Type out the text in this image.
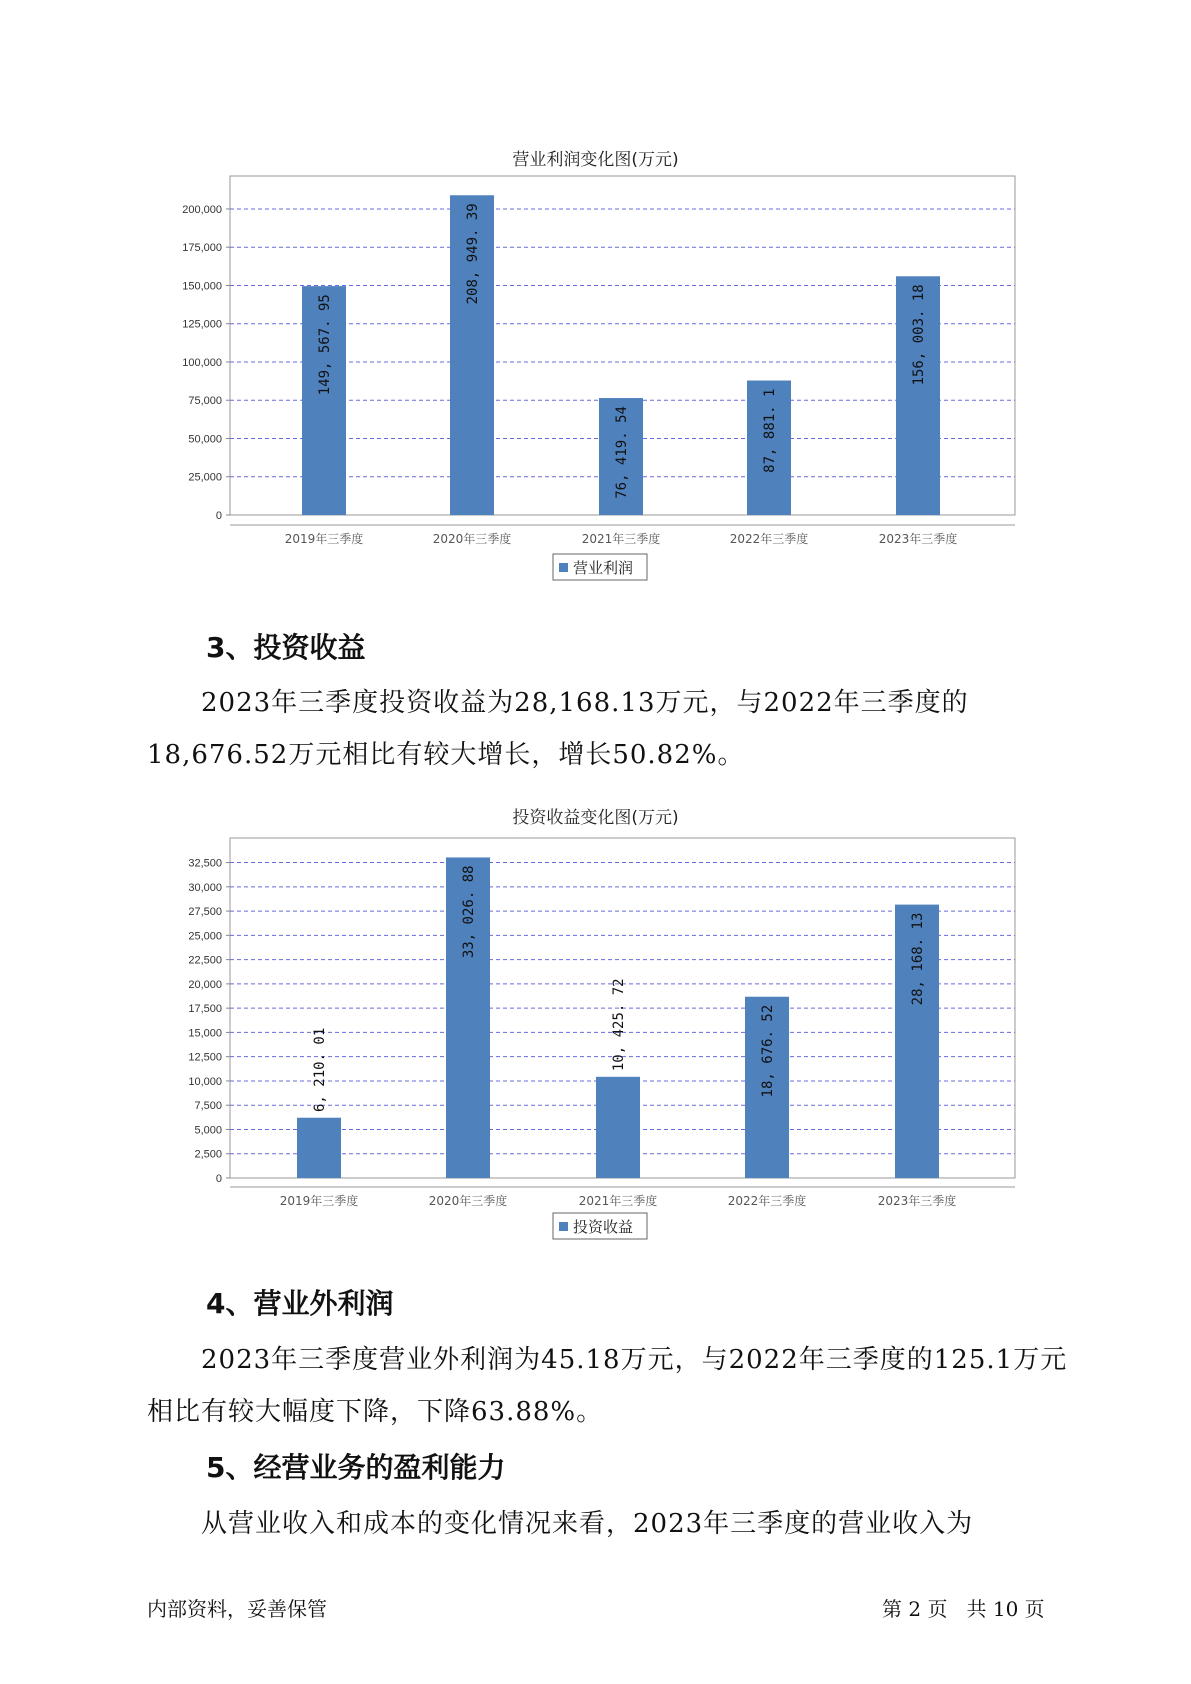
营业利润变化图(万元)
0
25,000
50,000
75,000
100,000
125,000
150,000
175,000
200,000
149, 567. 95
2019年三季度
208, 949. 39
2020年三季度
76, 419. 54
2021年三季度
87, 881. 1
2022年三季度
156, 003. 18
2023年三季度
营业利润
3、投资收益
2023年三季度投资收益为28,168.13万元，与2022年三季度的18,676.52万元相比有较大增长，增长50.82%。
投资收益变化图(万元)
0
2,500
5,000
7,500
10,000
12,500
15,000
17,500
20,000
22,500
25,000
27,500
30,000
32,500
6, 210. 01
2019年三季度
33, 026. 88
2020年三季度
10, 425. 72
2021年三季度
18, 676. 52
2022年三季度
28, 168. 13
2023年三季度
投资收益
4、营业外利润
2023年三季度营业外利润为45.18万元，与2022年三季度的125.1万元相比有较大幅度下降，下降63.88%。
5、经营业务的盈利能力
从营业收入和成本的变化情况来看，2023年三季度的营业收入为
内部资料，妥善保管	第 2 页   共 10 页
